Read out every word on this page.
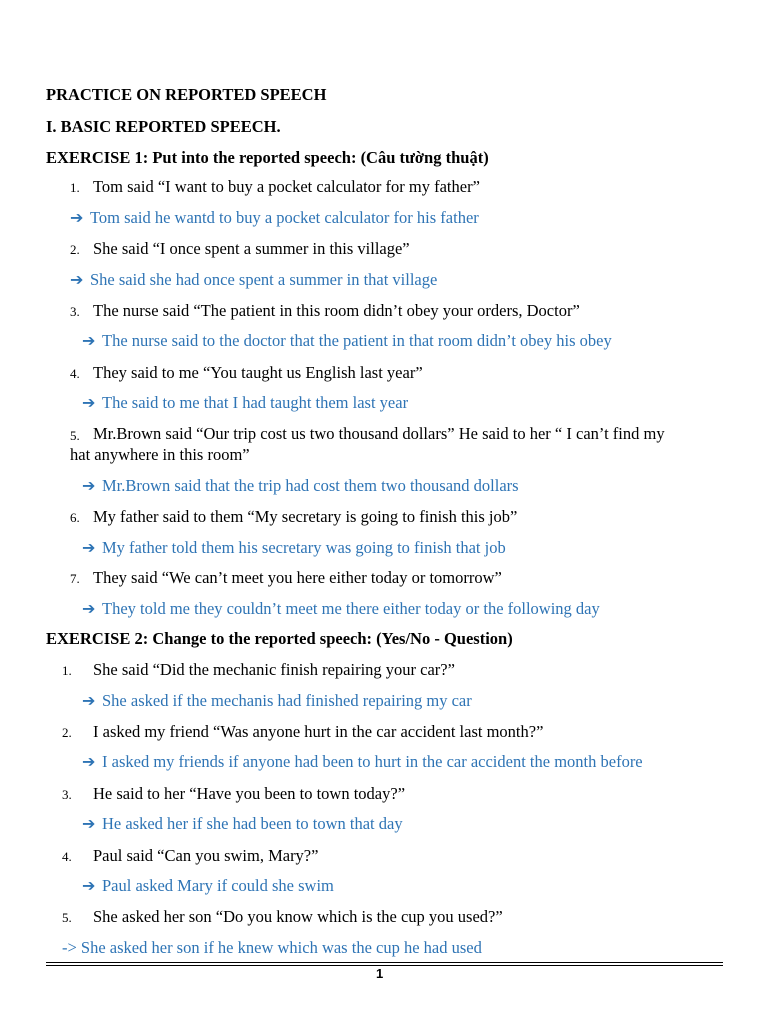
PRACTICE ON REPORTED SPEECH
I. BASIC REPORTED SPEECH.
EXERCISE 1: Put into the reported speech: (Câu tường thuật)
1. Tom said “I want to buy a pocket calculator for my father”
➔ Tom said he wantd to buy a pocket calculator for his father
2. She said “I once spent a summer in this village”
➔ She said she had once spent a summer in that village
3. The nurse said “The patient in this room didn’t obey your orders, Doctor”
➔ The nurse said to the doctor that the patient in that room didn’t obey his obey
4. They said to me “You taught us English last year”
➔ The said to me that I had taught them last year
5. Mr.Brown said “Our trip cost us two thousand dollars” He said to her “ I can’t find my
hat anywhere in this room”
➔ Mr.Brown said that the trip had cost them two thousand dollars
6. My father said to them “My secretary is going to finish this job”
➔ My father told them his secretary was going to finish that job
7. They said “We can’t meet you here either today or tomorrow”
➔ They told me they couldn’t meet me there either today or the following day
EXERCISE 2: Change to the reported speech: (Yes/No - Question)
1. She said “Did the mechanic finish repairing your car?”
➔ She asked if the mechanis had finished repairing my car
2. I asked my friend “Was anyone hurt in the car accident last month?”
➔ I asked my friends if anyone had been to hurt in the car accident the month before
3. He said to her “Have you been to town today?”
➔ He asked her if she had been to town that day
4. Paul said “Can you swim, Mary?”
➔ Paul asked Mary if could she swim
5. She asked her son “Do you know which is the cup you used?”
-> She asked her son if he knew which was the cup he had used
1
